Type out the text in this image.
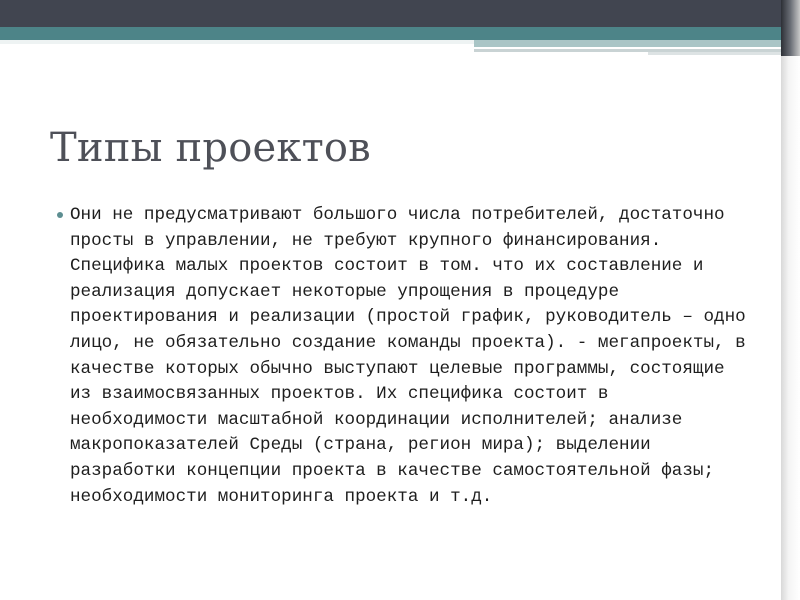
Типы проектов
Они не предусматривают большого числа потребителей, достаточно просты в управлении, не требуют крупного финансирования. Специфика малых проектов состоит в том. что их составление и реализация допускает некоторые упрощения в процедуре проектирования и реализации (простой график, руководитель – одно лицо, не обязательно создание команды проекта). - мегапроекты, в качестве которых обычно выступают целевые программы, состоящие из взаимосвязанных проектов. Их специфика состоит в необходимости масштабной координации исполнителей; анализе макропоказателей Среды (страна, регион мира); выделении разработки концепции проекта в качестве самостоятельной фазы; необходимости мониторинга проекта и т.д.
